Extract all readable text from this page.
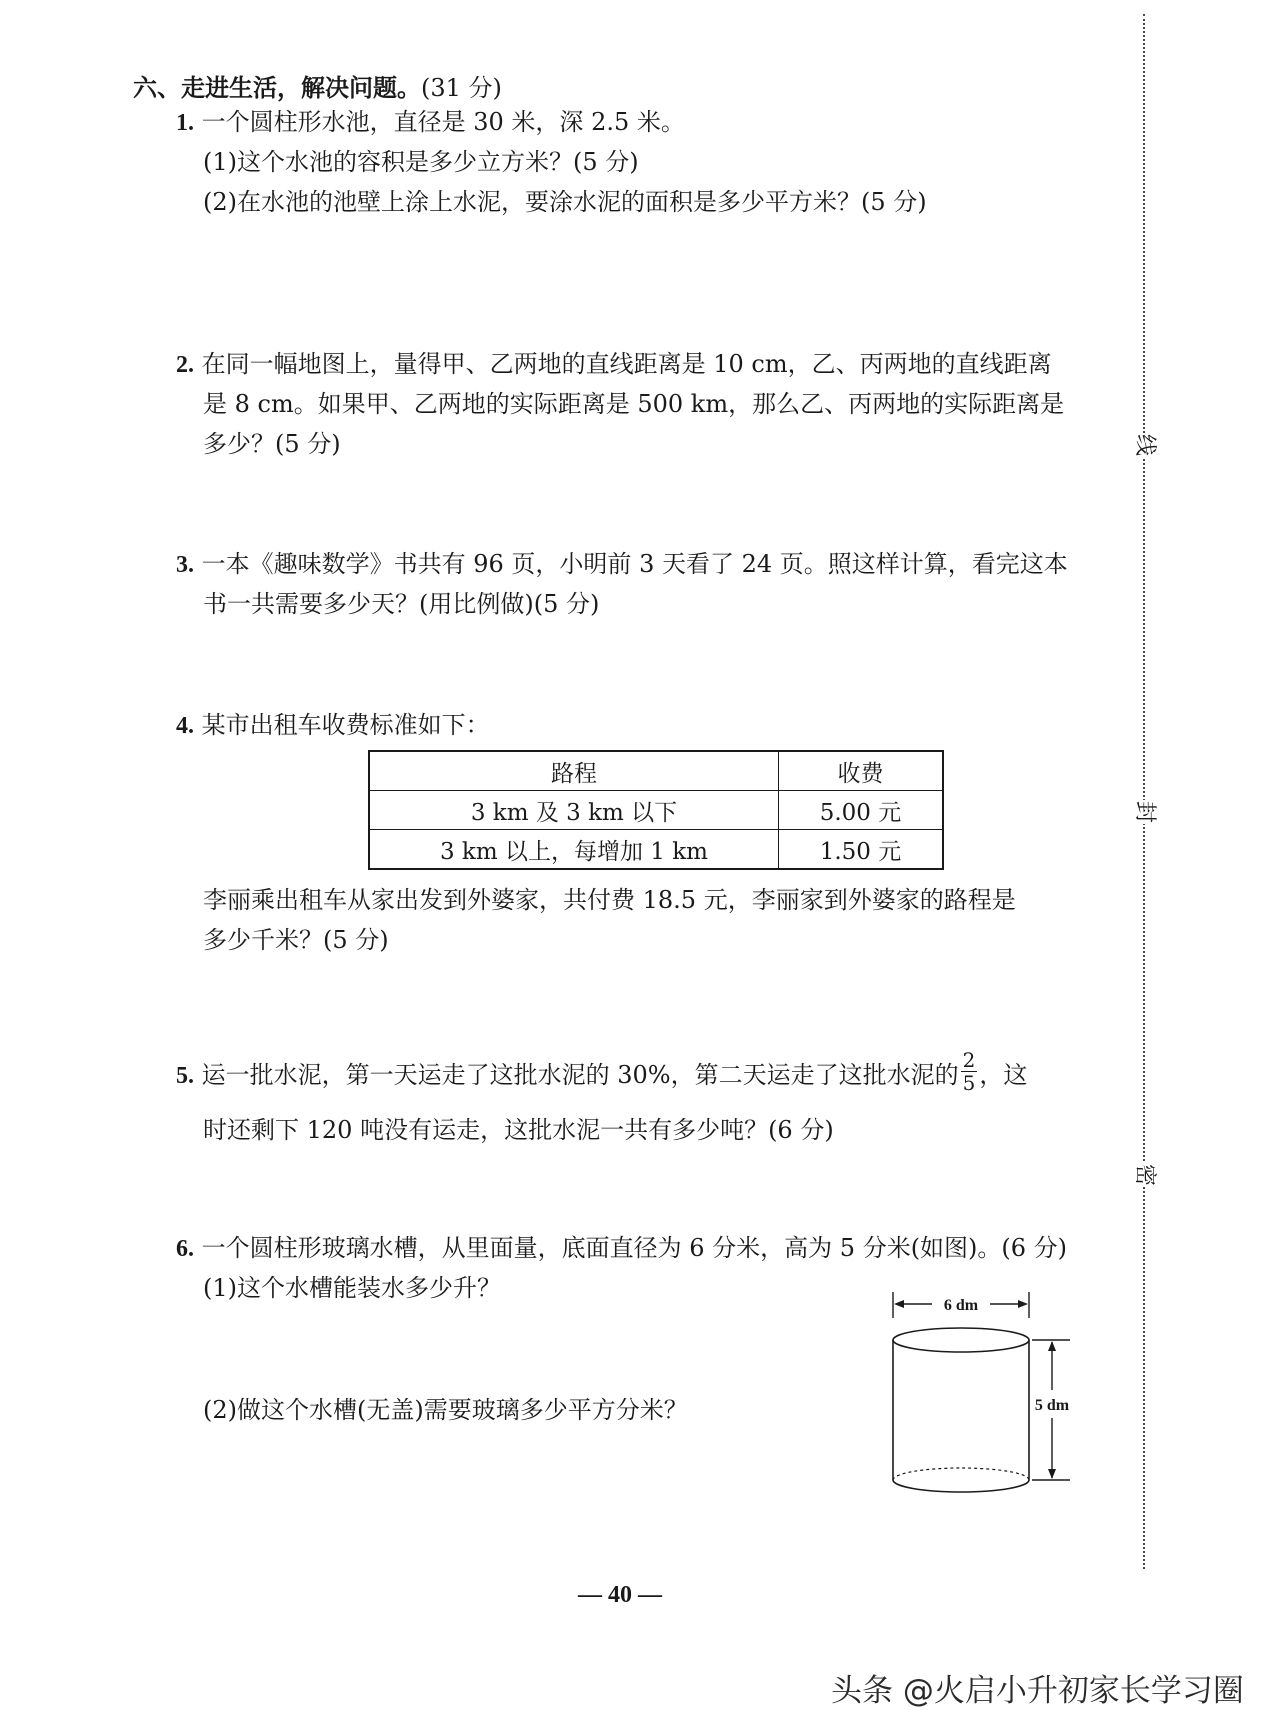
六、走进生活，解决问题。(31 分)
1. 一个圆柱形水池，直径是 30 米，深 2.5 米。
(1)这个水池的容积是多少立方米？(5 分)
(2)在水池的池壁上涂上水泥，要涂水泥的面积是多少平方米？(5 分)
2. 在同一幅地图上，量得甲、乙两地的直线距离是 10 cm，乙、丙两地的直线距离
是 8 cm。如果甲、乙两地的实际距离是 500 km，那么乙、丙两地的实际距离是
多少？(5 分)
3. 一本《趣味数学》书共有 96 页，小明前 3 天看了 24 页。照这样计算，看完这本
书一共需要多少天？(用比例做)(5 分)
4. 某市出租车收费标准如下：
路程	收费
3 km 及 3 km 以下	5.00 元
3 km 以上，每增加 1 km	1.50 元
李丽乘出租车从家出发到外婆家，共付费 18.5 元，李丽家到外婆家的路程是
多少千米？(5 分)
5. 运一批水泥，第一天运走了这批水泥的 30%，第二天运走了这批水泥的 $\frac{2}{5}$ ，这
时还剩下 120 吨没有运走，这批水泥一共有多少吨？(6 分)
6. 一个圆柱形玻璃水槽，从里面量，底面直径为 6 分米，高为 5 分米(如图)。(6 分)
(1)这个水槽能装水多少升？
(2)做这个水槽(无盖)需要玻璃多少平方分米？
6 dm
5 dm
线
封
密
— 40 —
头条 @火启小升初家长学习圈
